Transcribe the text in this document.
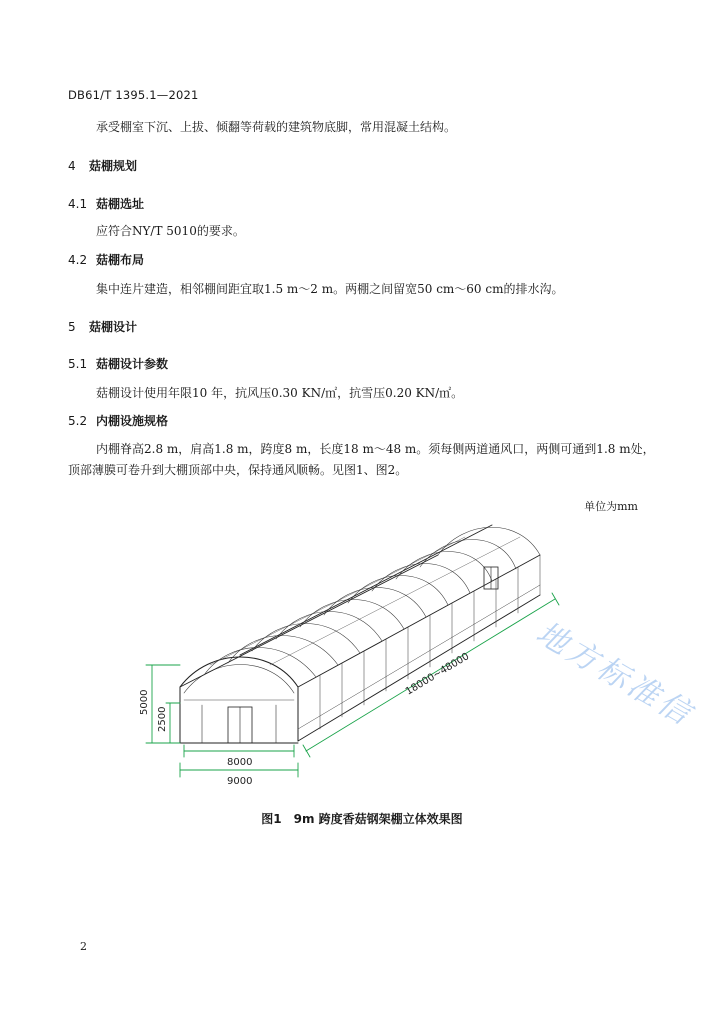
DB61/T 1395.1—2021
承受棚室下沉、上拔、倾翻等荷载的建筑物底脚，常用混凝土结构。
4 菇棚规划
4.1 菇棚选址
应符合NY/T 5010的要求。
4.2 菇棚布局
集中连片建造，相邻棚间距宜取1.5 m～2 m。两棚之间留宽50 cm～60 cm的排水沟。
5 菇棚设计
5.1 菇棚设计参数
菇棚设计使用年限10 年，抗风压0.30 KN/㎡，抗雪压0.20 KN/㎡。
5.2 内棚设施规格
内棚脊高2.8 m，肩高1.8 m，跨度8 m，长度18 m～48 m。须每侧两道通风口，两侧可通到1.8 m处，
顶部薄膜可卷升到大棚顶部中央，保持通风顺畅。见图1、图2。
单位为mm
5000
2500
8000
9000
18000~48000
图1　9m 跨度香菇钢架棚立体效果图
2
地方标准信
